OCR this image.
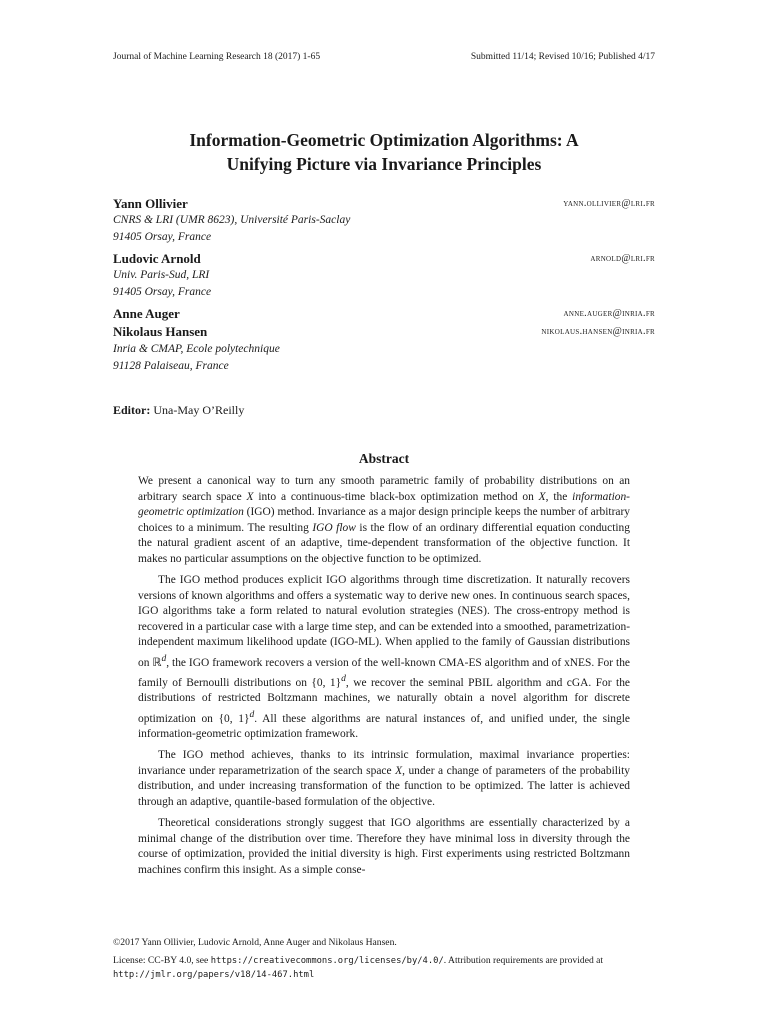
Journal of Machine Learning Research 18 (2017) 1-65	Submitted 11/14; Revised 10/16; Published 4/17
Information-Geometric Optimization Algorithms: A
Unifying Picture via Invariance Principles
Yann Ollivier	yann.ollivier@lri.fr
CNRS & LRI (UMR 8623), Université Paris-Saclay
91405 Orsay, France
Ludovic Arnold	arnold@lri.fr
Univ. Paris-Sud, LRI
91405 Orsay, France
Anne Auger	anne.auger@inria.fr
Nikolaus Hansen	nikolaus.hansen@inria.fr
Inria & CMAP, Ecole polytechnique
91128 Palaiseau, France
Editor: Una-May O’Reilly
Abstract

We present a canonical way to turn any smooth parametric family of probability distributions on an arbitrary search space X into a continuous-time black-box optimization method on X, the information-geometric optimization (IGO) method. Invariance as a major design principle keeps the number of arbitrary choices to a minimum. The resulting IGO flow is the flow of an ordinary differential equation conducting the natural gradient ascent of an adaptive, time-dependent transformation of the objective function. It makes no particular assumptions on the objective function to be optimized.

The IGO method produces explicit IGO algorithms through time discretization. It naturally recovers versions of known algorithms and offers a systematic way to derive new ones. In continuous search spaces, IGO algorithms take a form related to natural evolution strategies (NES). The cross-entropy method is recovered in a particular case with a large time step, and can be extended into a smoothed, parametrization-independent maximum likelihood update (IGO-ML). When applied to the family of Gaussian distributions on ℝ$^d$, the IGO framework recovers a version of the well-known CMA-ES algorithm and of xNES. For the family of Bernoulli distributions on {0, 1}$^d$, we recover the seminal PBIL algorithm and cGA. For the distributions of restricted Boltzmann machines, we naturally obtain a novel algorithm for discrete optimization on {0, 1}$^d$. All these algorithms are natural instances of, and unified under, the single information-geometric optimization framework.

The IGO method achieves, thanks to its intrinsic formulation, maximal invariance properties: invariance under reparametrization of the search space X, under a change of parameters of the probability distribution, and under increasing transformation of the function to be optimized. The latter is achieved through an adaptive, quantile-based formulation of the objective.

Theoretical considerations strongly suggest that IGO algorithms are essentially characterized by a minimal change of the distribution over time. Therefore they have minimal loss in diversity through the course of optimization, provided the initial diversity is high. First experiments using restricted Boltzmann machines confirm this insight. As a simple conse-

©2017 Yann Ollivier, Ludovic Arnold, Anne Auger and Nikolaus Hansen.
License: CC-BY 4.0, see https://creativecommons.org/licenses/by/4.0/. Attribution requirements are provided at http://jmlr.org/papers/v18/14-467.html
